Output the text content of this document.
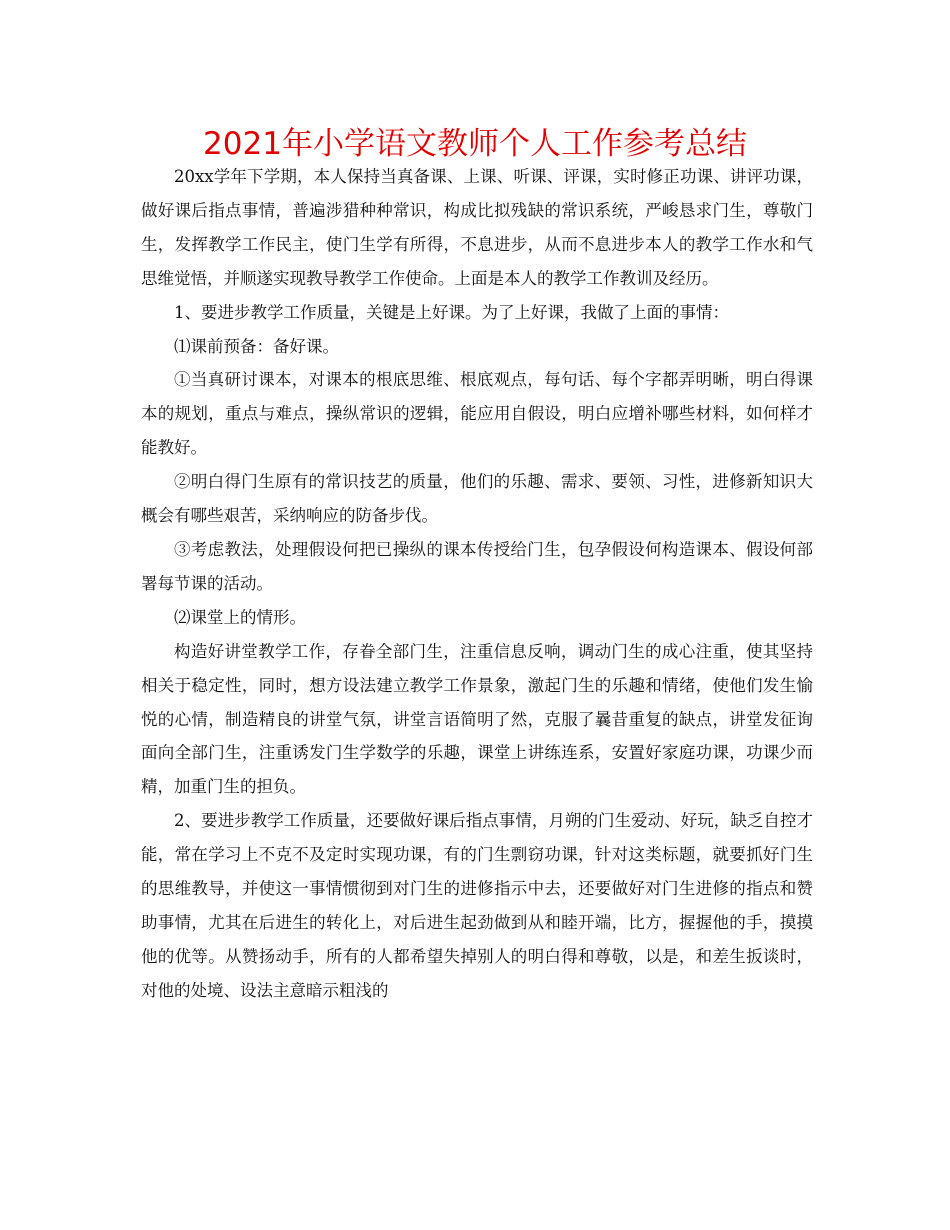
2021年小学语文教师个人工作参考总结

20xx学年下学期，本人保持当真备课、上课、听课、评课，实时修正功课、讲评功课，做好课后指点事情，普遍涉猎种种常识，构成比拟残缺的常识系统，严峻恳求门生，尊敬门生，发挥教学工作民主，使门生学有所得，不息进步，从而不息进步本人的教学工作水和气思维觉悟，并顺遂实现教导教学工作使命。上面是本人的教学工作教训及经历。

1、要进步教学工作质量，关键是上好课。为了上好课，我做了上面的事情：

⑴课前预备：备好课。

①当真研讨课本，对课本的根底思维、根底观点，每句话、每个字都弄明晰，明白得课本的规划，重点与难点，操纵常识的逻辑，能应用自假设，明白应增补哪些材料，如何样才能教好。

②明白得门生原有的常识技艺的质量，他们的乐趣、需求、要领、习性，进修新知识大概会有哪些艰苦，采纳响应的防备步伐。

③考虑教法，处理假设何把已操纵的课本传授给门生，包孕假设何构造课本、假设何部署每节课的活动。

⑵课堂上的情形。

构造好讲堂教学工作，存眷全部门生，注重信息反响，调动门生的成心注重，使其坚持相关于稳定性，同时，想方设法建立教学工作景象，激起门生的乐趣和情绪，使他们发生愉悦的心情，制造精良的讲堂气氛，讲堂言语简明了然，克服了曩昔重复的缺点，讲堂发征询面向全部门生，注重诱发门生学数学的乐趣，课堂上讲练连系，安置好家庭功课，功课少而精，加重门生的担负。

2、要进步教学工作质量，还要做好课后指点事情，月朔的门生爱动、好玩，缺乏自控才能，常在学习上不克不及定时实现功课，有的门生剽窃功课，针对这类标题，就要抓好门生的思维教导，并使这一事情惯彻到对门生的进修指示中去，还要做好对门生进修的指点和赞助事情，尤其在后进生的转化上，对后进生起劲做到从和睦开端，比方，握握他的手，摸摸他的优等。从赞扬动手，所有的人都希望失掉别人的明白得和尊敬，以是，和差生扳谈时，对他的处境、设法主意暗示粗浅的
